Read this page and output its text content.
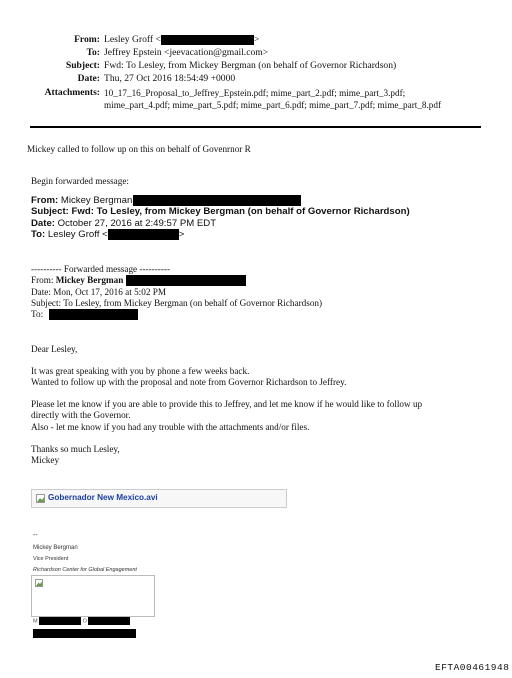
From: Lesley Groff <	>
To: Jeffrey Epstein <jeevacation@gmail.com>
Subject: Fwd: To Lesley, from Mickey Bergman (on behalf of Governor Richardson)
Date: Thu, 27 Oct 2016 18:54:49 +0000
Attachments: 10_17_16_Proposal_to_Jeffrey_Epstein.pdf; mime_part_2.pdf; mime_part_3.pdf;
mime_part_4.pdf; mime_part_5.pdf; mime_part_6.pdf; mime_part_7.pdf; mime_part_8.pdf
Mickey called to follow up on this on behalf of Govenrnor R
Begin forwarded message:
From: Mickey Bergman
Subject: Fwd: To Lesley, from Mickey Bergman (on behalf of Governor Richardson)
Date: October 27, 2016 at 2:49:57 PM EDT
To: Lesley Groff <	>
---------- Forwarded message ----------
From: Mickey Bergman
Date: Mon, Oct 17, 2016 at 5:02 PM
Subject: To Lesley, from Mickey Bergman (on behalf of Governor Richardson)
To:
Dear Lesley,
It was great speaking with you by phone a few weeks back.
Wanted to follow up with the proposal and note from Governor Richardson to Jeffrey.
Please let me know if you are able to provide this to Jeffrey, and let me know if he would like to follow up
directly with the Governor.
Also - let me know if you had any trouble with the attachments and/or files.
Thanks so much Lesley,
Mickey
Gobernador New Mexico.avi
--
Mickey Bergman
Vice President
Richardson Center for Global Engagement
M	O
EFTA00461948
